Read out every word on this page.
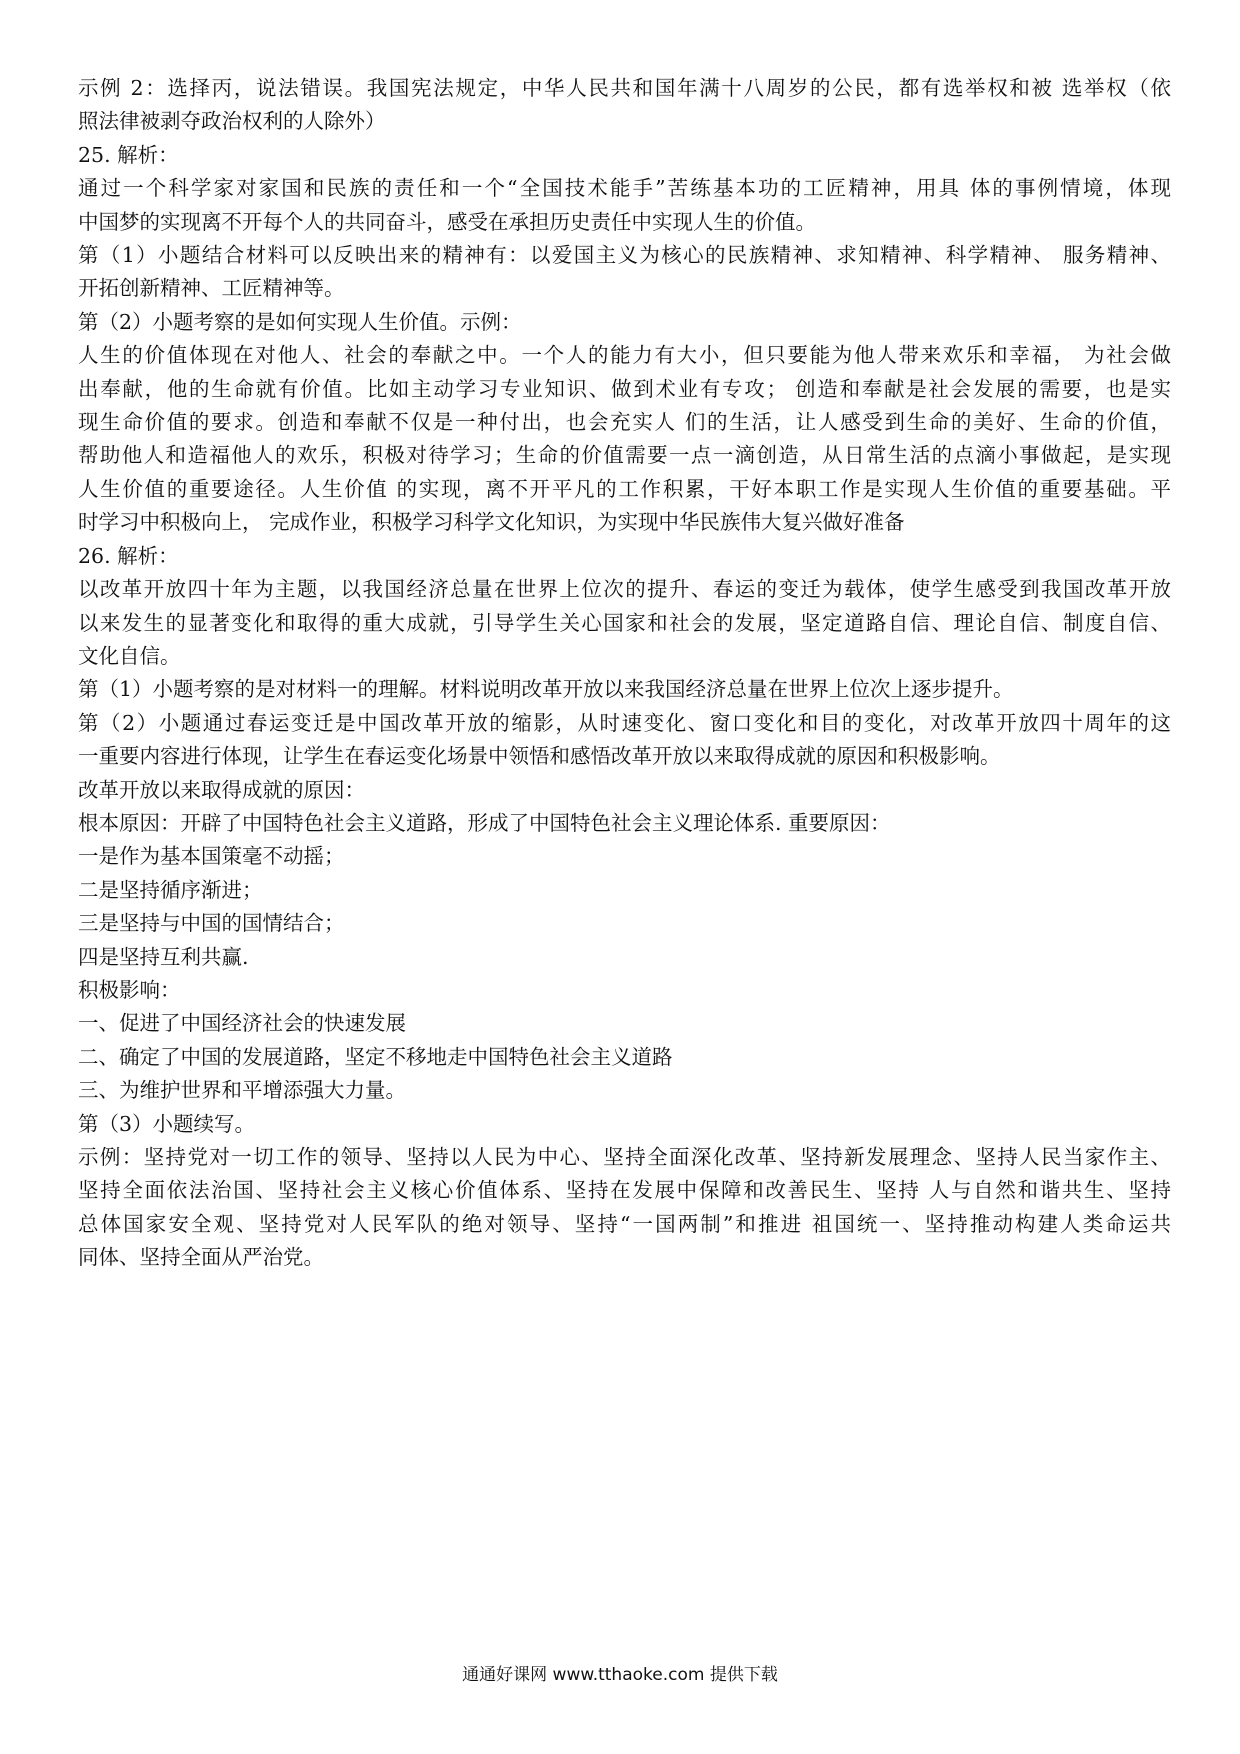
示例 2：选择丙，说法错误。我国宪法规定，中华人民共和国年满十八周岁的公民，都有选举权和被 选举权（依
照法律被剥夺政治权利的人除外）
25. 解析：
通过一个科学家对家国和民族的责任和一个“全国技术能手”苦练基本功的工匠精神，用具 体的事例情境，体现
中国梦的实现离不开每个人的共同奋斗，感受在承担历史责任中实现人生的价值。
第（1）小题结合材料可以反映出来的精神有：以爱国主义为核心的民族精神、求知精神、科学精神、 服务精神、
开拓创新精神、工匠精神等。
第（2）小题考察的是如何实现人生价值。示例：
人生的价值体现在对他人、社会的奉献之中。一个人的能力有大小，但只要能为他人带来欢乐和幸福， 为社会做
出奉献，他的生命就有价值。比如主动学习专业知识、做到术业有专攻； 创造和奉献是社会发展的需要，也是实
现生命价值的要求。创造和奉献不仅是一种付出，也会充实人 们的生活，让人感受到生命的美好、生命的价值，
帮助他人和造福他人的欢乐，积极对待学习；生命的价值需要一点一滴创造，从日常生活的点滴小事做起，是实现
人生价值的重要途径。人生价值 的实现，离不开平凡的工作积累，干好本职工作是实现人生价值的重要基础。平
时学习中积极向上， 完成作业，积极学习科学文化知识，为实现中华民族伟大复兴做好准备
26. 解析：
以改革开放四十年为主题，以我国经济总量在世界上位次的提升、春运的变迁为载体，使学生感受到我国改革开放
以来发生的显著变化和取得的重大成就，引导学生关心国家和社会的发展，坚定道路自信、理论自信、制度自信、
文化自信。
第（1）小题考察的是对材料一的理解。材料说明改革开放以来我国经济总量在世界上位次上逐步提升。
第（2）小题通过春运变迁是中国改革开放的缩影，从时速变化、窗口变化和目的变化，对改革开放四十周年的这
一重要内容进行体现，让学生在春运变化场景中领悟和感悟改革开放以来取得成就的原因和积极影响。
改革开放以来取得成就的原因：
根本原因：开辟了中国特色社会主义道路，形成了中国特色社会主义理论体系. 重要原因：
一是作为基本国策毫不动摇；
二是坚持循序渐进；
三是坚持与中国的国情结合；
四是坚持互利共赢.
积极影响：
一、促进了中国经济社会的快速发展
二、确定了中国的发展道路，坚定不移地走中国特色社会主义道路
三、为维护世界和平增添强大力量。
第（3）小题续写。
示例：坚持党对一切工作的领导、坚持以人民为中心、坚持全面深化改革、坚持新发展理念、坚持人民当家作主、
坚持全面依法治国、坚持社会主义核心价值体系、坚持在发展中保障和改善民生、坚持 人与自然和谐共生、坚持
总体国家安全观、坚持党对人民军队的绝对领导、坚持“一国两制”和推进 祖国统一、坚持推动构建人类命运共
同体、坚持全面从严治党。
通通好课网 www.tthaoke.com 提供下载
